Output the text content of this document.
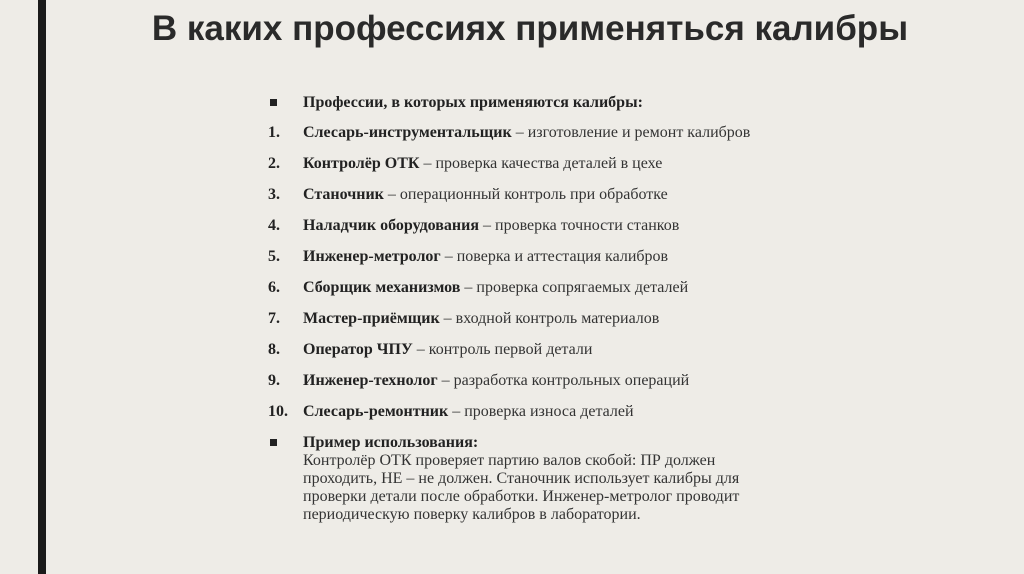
В каких профессиях применяться калибры
Профессии, в которых применяются калибры:
1. Слесарь-инструментальщик – изготовление и ремонт калибров
2. Контролёр ОТК – проверка качества деталей в цехе
3. Станочник – операционный контроль при обработке
4. Наладчик оборудования – проверка точности станков
5. Инженер-метролог – поверка и аттестация калибров
6. Сборщик механизмов – проверка сопрягаемых деталей
7. Мастер-приёмщик – входной контроль материалов
8. Оператор ЧПУ – контроль первой детали
9. Инженер-технолог – разработка контрольных операций
10. Слесарь-ремонтник – проверка износа деталей
Пример использования:
Контролёр ОТК проверяет партию валов скобой: ПР должен проходить, НЕ – не должен. Станочник использует калибры для проверки детали после обработки. Инженер-метролог проводит периодическую поверку калибров в лаборатории.
